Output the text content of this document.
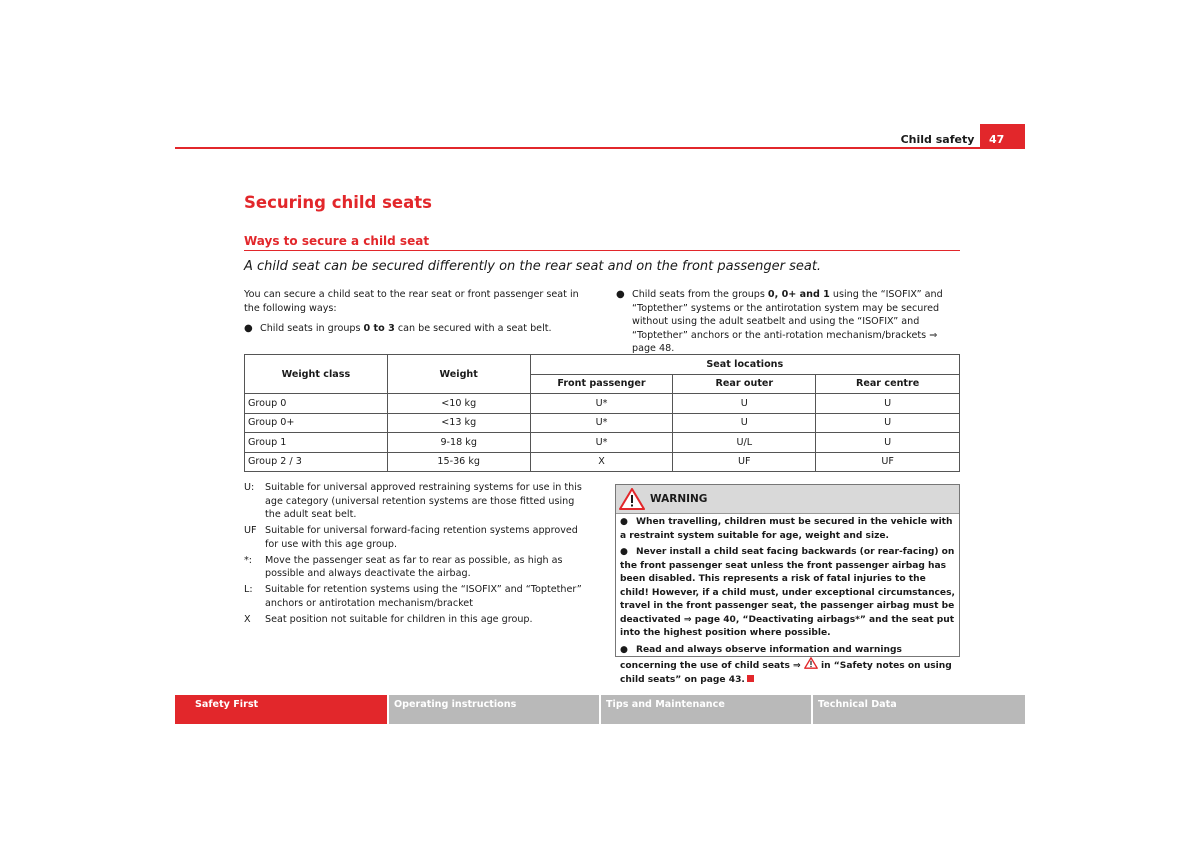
Child safety	47
Securing child seats
Ways to secure a child seat
A child seat can be secured differently on the rear seat and on the front passenger seat.
You can secure a child seat to the rear seat or front passenger seat in the following ways:
● Child seats in groups 0 to 3 can be secured with a seat belt.
● Child seats from the groups 0, 0+ and 1 using the “ISOFIX” and “Toptether” systems or the antirotation system may be secured without using the adult seatbelt and using the “ISOFIX” and “Toptether” anchors or the anti-rotation mechanism/brackets ⇒ page 48.
Weight class	Weight	Seat locations		
		Front passenger	Rear outer	Rear centre
Group 0	<10 kg	U*	U	U
Group 0+	<13 kg	U*	U	U
Group 1	9-18 kg	U*	U/L	U
Group 2 / 3	15-36 kg	X	UF	UF
U:	Suitable for universal approved restraining systems for use in this age category (universal retention systems are those fitted using the adult seat belt.
UF Suitable for universal forward-facing retention systems approved for use with this age group.
*:	Move the passenger seat as far to rear as possible, as high as possible and always deactivate the airbag.
L:	Suitable for retention systems using the “ISOFIX” and “Toptether” anchors or antirotation mechanism/bracket
X	Seat position not suitable for children in this age group.
WARNING
● When travelling, children must be secured in the vehicle with a restraint system suitable for age, weight and size.
● Never install a child seat facing backwards (or rear-facing) on the front passenger seat unless the front passenger airbag has been disabled. This represents a risk of fatal injuries to the child! However, if a child must, under exceptional circumstances, travel in the front passenger seat, the passenger airbag must be deactivated ⇒ page 40, “Deactivating airbags*” and the seat put into the highest position where possible.
● Read and always observe information and warnings concerning the use of child seats ⇒ in “Safety notes on using child seats” on page 43.
Safety First	Operating instructions	Tips and Maintenance	Technical Data
